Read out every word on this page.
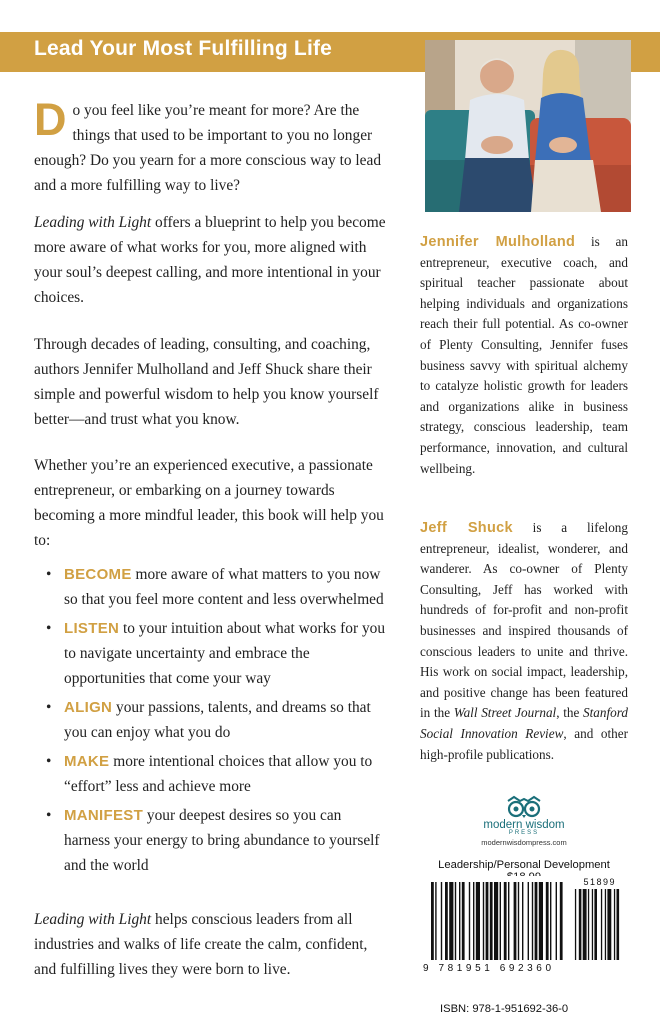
Lead Your Most Fulfilling Life
Do you feel like you’re meant for more? Are the things that used to be important to you no longer enough? Do you yearn for a more conscious way to lead and a more fulfilling way to live?
Leading with Light offers a blueprint to help you become more aware of what works for you, more aligned with your soul’s deepest calling, and more intentional in your choices.
Through decades of leading, consulting, and coaching, authors Jennifer Mulholland and Jeff Shuck share their simple and powerful wisdom to help you know yourself better—and trust what you know.
Whether you’re an experienced executive, a passionate entrepreneur, or embarking on a journey towards becoming a more mindful leader, this book will help you to:
• BECOME more aware of what matters to you now so that you feel more content and less overwhelmed
• LISTEN to your intuition about what works for you to navigate uncertainty and embrace the opportunities that come your way
• ALIGN your passions, talents, and dreams so that you can enjoy what you do
• MAKE more intentional choices that allow you to “effort” less and achieve more
• MANIFEST your deepest desires so you can harness your energy to bring abundance to yourself and the world
Leading with Light helps conscious leaders from all industries and walks of life create the calm, confident, and fulfilling lives they were born to live.
Jennifer Mulholland is an entrepreneur, executive coach, and spiritual teacher passionate about helping individuals and organizations reach their full potential. As co-owner of Plenty Consulting, Jennifer fuses business savvy with spiritual alchemy to catalyze holistic growth for leaders and organizations alike in business strategy, conscious leadership, team performance, innovation, and cultural wellbeing.
Jeff Shuck is a lifelong entrepreneur, idealist, wonderer, and wanderer. As co-owner of Plenty Consulting, Jeff has worked with hundreds of for-profit and non-profit businesses and inspired thousands of conscious leaders to unite and thrive. His work on social impact, leadership, and positive change has been featured in the Wall Street Journal, the Stanford Social Innovation Review, and other high-profile publications.
modern wisdom
PRESS
modernwisdompress.com
Leadership/Personal Development
51899
9 781951 692360
ISBN: 978-1-951692-36-0
